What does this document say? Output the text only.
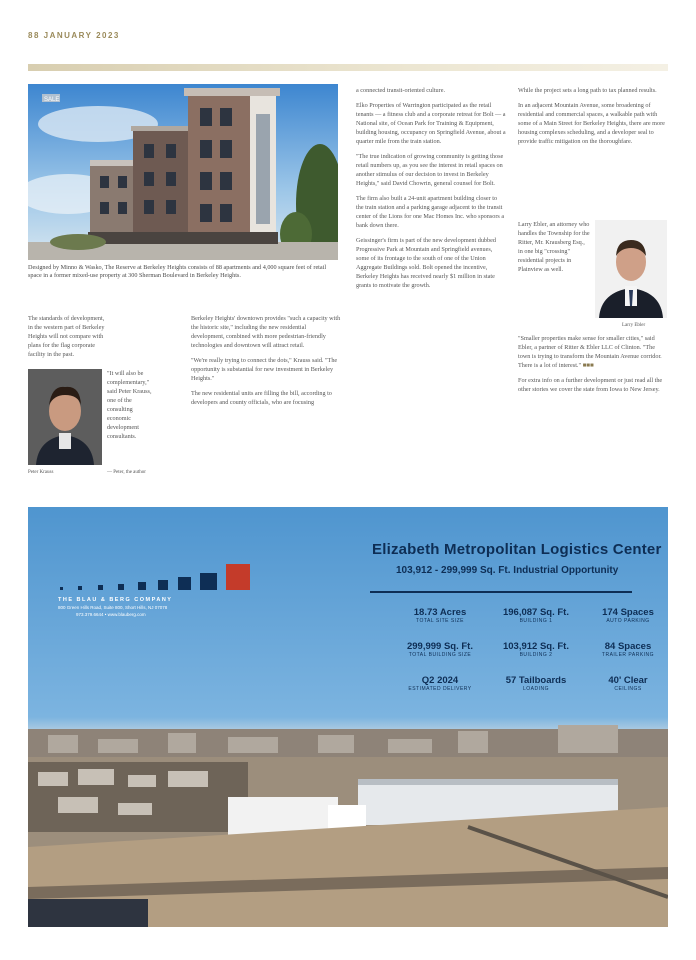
88 JANUARY 2023
SALE
Designed by Minno & Wasko, The Reserve at Berkeley Heights consists of 88 apartments and 4,000 square feet of retail space in a former mixed-use property at 300 Sherman Boulevard in Berkeley Heights.

The standards of development, in the western part of Berkeley Heights will not compare with plans for the flag corporate facility in the past.

Peter Krauss

"It will also be complementary," said Peter Krauss, one of the consulting economic development consultants.

— Peter, the author

Berkeley Heights' downtown provides "such a capacity with the historic site," including the new residential development, combined with more pedestrian-friendly technologies and downtown will attract retail.

"We're really trying to connect the dots," Krauss said. "The opportunity is substantial for new investment in Berkeley Heights."

The new residential units are filling the bill, according to developers and county officials, who are focusing

a connected transit-oriented culture.

Elko Properties of Warrington participated as the retail tenants — a fitness club and a corporate retreat for Bolt — a National site, of Ocean Park for Training & Equipment, building housing, occupancy on Springfield Avenue, about a quarter mile from the train station.

"The true indication of growing community is getting those retail numbers up, as you see the interest in retail spaces on another stimulus of our decision to invest in Berkeley Heights," said David Chowrin, general counsel for Bolt.

The firm also built a 24-unit apartment building closer to the train station and a parking garage adjacent to the transit center of the Lions for one Mac Homes Inc. who sponsors a bank down there.

Geissinger's firm is part of the new development dubbed Progressive Park at Mountain and Springfield avenues, some of its frontage to the south of one of the Union Aggregate Buildings sold. Bolt opened the incentive, Berkeley Heights has received nearly $1 million in state grants to motivate the growth.

While the project sets a long path to tax planned results.

In an adjacent Mountain Avenue, some broadening of residential and commercial spaces, a walkable path with some of a Main Street for Berkeley Heights, there are more housing complexes scheduling, and a developer seal to provide traffic mitigation on the thoroughfare.

Larry Ebler, an attorney who handles the Township for the Ritter, Mr. Krausberg Esq., in one big "crossing" residential projects in Plainview as well.

Larry Ebler

"Smaller properties make sense for smaller cities," said Ebler, a partner of Ritter & Ebler LLC of Clinton. "The town is trying to transform the Mountain Avenue corridor. There is a lot of interest." ■■■

For extra info on a further development or just read all the other stories we cover the state from Iowa to New Jersey.

THE BLAU & BERG COMPANY
800 Green Hills Road, Suite 800, Short Hills, NJ 07078
973.379.6644 • www.blauberg.com
Elizabeth Metropolitan Logistics Center
103,912 - 299,999 Sq. Ft. Industrial Opportunity
18.73 Acres
TOTAL SITE SIZE
196,087 Sq. Ft.
BUILDING 1
174 Spaces
AUTO PARKING
299,999 Sq. Ft.
TOTAL BUILDING SIZE
103,912 Sq. Ft.
BUILDING 2
84 Spaces
TRAILER PARKING
Q2 2024
ESTIMATED DELIVERY
57 Tailboards
LOADING
40' Clear
CEILINGS
